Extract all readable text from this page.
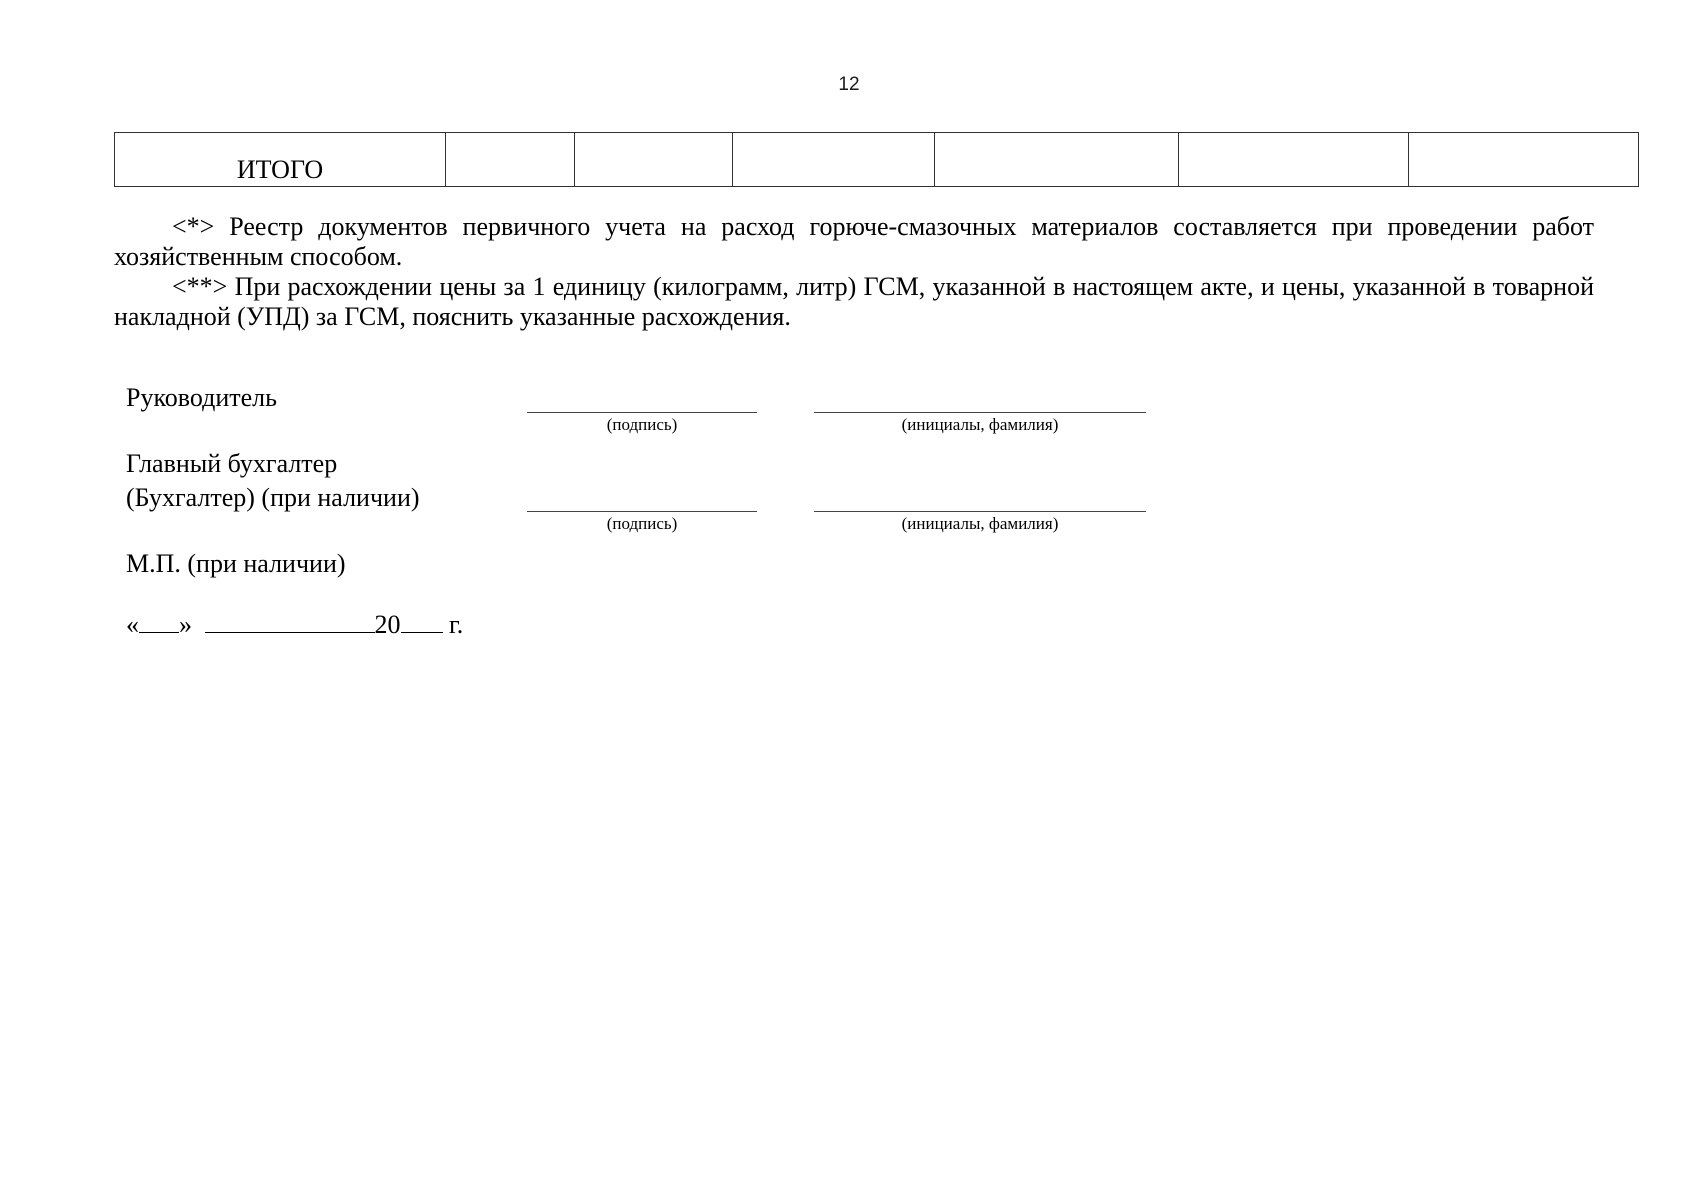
12
ИТОГО						

<*> Реестр документов первичного учета на расход горюче-смазочных материалов составляется при проведении работ хозяйственным способом.

<**> При расхождении цены за 1 единицу (килограмм, литр) ГСМ, указанной в настоящем акте, и цены, указанной в товарной накладной (УПД) за ГСМ, пояснить указанные расхождения.

Руководитель
(подпись)	(инициалы, фамилия)
Главный бухгалтер
(Бухгалтер) (при наличии)
(подпись)	(инициалы, фамилия)
М.П. (при наличии)
« »	20 г.
